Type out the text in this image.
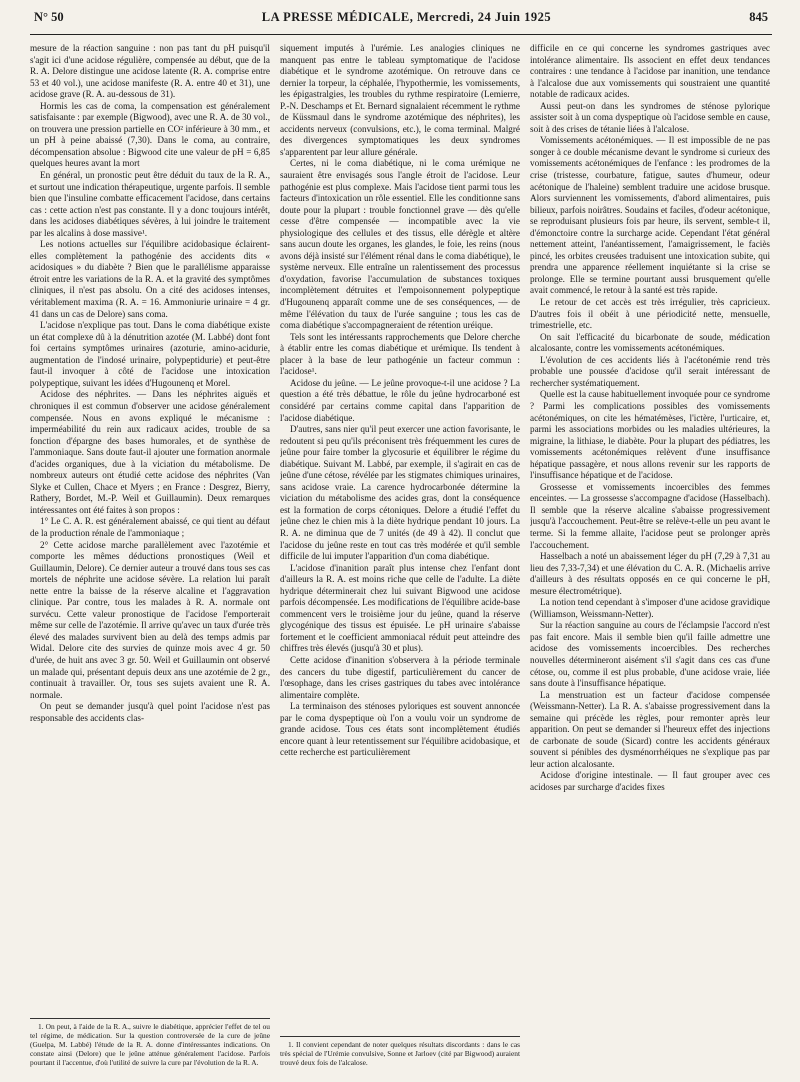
N° 50	LA PRESSE MÉDICALE, Mercredi, 24 Juin 1925	845

mesure de la réaction sanguine : non pas tant du pH puisqu'il s'agit ici d'une acidose régulière, compensée au début, que de la R. A. Delore distingue une acidose latente (R. A. comprise entre 53 et 40 vol.), une acidose manifeste (R. A. entre 40 et 31), une acidose grave (R. A. au-dessous de 31).

Hormis les cas de coma, la compensation est généralement satisfaisante : par exemple (Bigwood), avec une R. A. de 30 vol., on trouvera une pression partielle en CO² inférieure à 30 mm., et un pH à peine abaissé (7,30). Dans le coma, au contraire, décompensation absolue : Bigwood cite une valeur de pH = 6,85 quelques heures avant la mort

En général, un pronostic peut être déduit du taux de la R. A., et surtout une indication thérapeutique, urgente parfois. Il semble bien que l'insuline combatte efficacement l'acidose, dans certains cas : cette action n'est pas constante. Il y a donc toujours intérêt, dans les acidoses diabétiques sévères, à lui joindre le traitement par les alcalins à dose massive¹.

Les notions actuelles sur l'équilibre acidobasique éclairent-elles complètement la pathogénie des accidents dits « acidosiques » du diabète ? Bien que le parallélisme apparaisse étroit entre les variations de la R. A. et la gravité des symptômes cliniques, il n'est pas absolu. On a cité des acidoses intenses, véritablement maxima (R. A. = 16. Ammoniurie urinaire = 4 gr. 41 dans un cas de Delore) sans coma.

L'acidose n'explique pas tout. Dans le coma diabétique existe un état complexe dû à la dénutrition azotée (M. Labbé) dont font foi certains symptômes urinaires (azoturie, amino-acidurie, augmentation de l'indosé urinaire, polypeptidurie) et peut-être faut-il invoquer à côté de l'acidose une intoxication polypeptique, suivant les idées d'Hugounenq et Morel.

Acidose des néphrites. — Dans les néphrites aiguës et chroniques il est commun d'observer une acidose généralement compensée. Nous en avons expliqué le mécanisme : imperméabilité du rein aux radicaux acides, trouble de sa fonction d'épargne des bases humorales, et de synthèse de l'ammoniaque. Sans doute faut-il ajouter une formation anormale d'acides organiques, due à la viciation du métabolisme. De nombreux auteurs ont étudié cette acidose des néphrites (Van Slyke et Cullen, Chace et Myers ; en France : Desgrez, Bierry, Rathery, Bordet, M.-P. Weil et Guillaumin). Deux remarques intéressantes ont été faites à son propos :

1° Le C. A. R. est généralement abaissé, ce qui tient au défaut de la production rénale de l'ammoniaque ;

2° Cette acidose marche parallèlement avec l'azotémie et comporte les mêmes déductions pronostiques (Weil et Guillaumin, Delore). Ce dernier auteur a trouvé dans tous ses cas mortels de néphrite une acidose sévère. La relation lui paraît nette entre la baisse de la réserve alcaline et l'aggravation clinique. Par contre, tous les malades à R. A. normale ont survécu. Cette valeur pronostique de l'acidose l'emporterait même sur celle de l'azotémie. Il arrive qu'avec un taux d'urée très élevé des malades survivent bien au delà des temps admis par Widal. Delore cite des survies de quinze mois avec 4 gr. 50 d'urée, de huit ans avec 3 gr. 50. Weil et Guillaumin ont observé un malade qui, présentant depuis deux ans une azotémie de 2 gr., continuait à travailler. Or, tous ses sujets avaient une R. A. normale.

On peut se demander jusqu'à quel point l'acidose n'est pas responsable des accidents clas-

1. On peut, à l'aide de la R. A., suivre le diabétique, apprécier l'effet de tel ou tel régime, de médication. Sur la question controversée de la cure de jeûne (Guelpa, M. Labbé) l'étude de la R. A. donne d'intéressantes indications. On constate ainsi (Delore) que le jeûne atténue généralement l'acidose. Parfois pourtant il l'accentue, d'où l'utilité de suivre la cure par l'évolution de la R. A.

siquement imputés à l'urémie. Les analogies cliniques ne manquent pas entre le tableau symptomatique de l'acidose diabétique et le syndrome azotémique. On retrouve dans ce dernier la torpeur, la céphalée, l'hypothermie, les vomissements, les épigastralgies, les troubles du rythme respiratoire (Lemierre, P.-N. Deschamps et Et. Bernard signalaient récemment le rythme de Küssmaul dans le syndrome azotémique des néphrites), les accidents nerveux (convulsions, etc.), le coma terminal. Malgré des divergences symptomatiques les deux syndromes s'apparentent par leur allure générale.

Certes, ni le coma diabétique, ni le coma urémique ne sauraient être envisagés sous l'angle étroit de l'acidose. Leur pathogénie est plus complexe. Mais l'acidose tient parmi tous les facteurs d'intoxication un rôle essentiel. Elle les conditionne sans doute pour la plupart : trouble fonctionnel grave — dès qu'elle cesse d'être compensée — incompatible avec la vie physiologique des cellules et des tissus, elle dérègle et altère sans aucun doute les organes, les glandes, le foie, les reins (nous avons déjà insisté sur l'élément rénal dans le coma diabétique), le système nerveux. Elle entraîne un ralentissement des processus d'oxydation, favorise l'accumulation de substances toxiques incomplètement détruites et l'empoisonnement polypeptique d'Hugounenq apparaît comme une de ses conséquences, — de même l'élévation du taux de l'urée sanguine ; tous les cas de coma diabétique s'accompagneraient de rétention uréique.

Tels sont les intéressants rapprochements que Delore cherche à établir entre les comas diabétique et urémique. Ils tendent à placer à la base de leur pathogénie un facteur commun : l'acidose¹.

Acidose du jeûne. — Le jeûne provoque-t-il une acidose ? La question a été très débattue, le rôle du jeûne hydrocarboné est considéré par certains comme capital dans l'apparition de l'acidose diabétique.

D'autres, sans nier qu'il peut exercer une action favorisante, le redoutent si peu qu'ils préconisent très fréquemment les cures de jeûne pour faire tomber la glycosurie et équilibrer le régime du diabétique. Suivant M. Labbé, par exemple, il s'agirait en cas de jeûne d'une cétose, révélée par les stigmates chimiques urinaires, sans acidose vraie. La carence hydrocarbonée détermine la viciation du métabolisme des acides gras, dont la conséquence est la formation de corps cétoniques. Delore a étudié l'effet du jeûne chez le chien mis à la diète hydrique pendant 10 jours. La R. A. ne diminua que de 7 unités (de 49 à 42). Il conclut que l'acidose du jeûne reste en tout cas très modérée et qu'il semble difficile de lui imputer l'apparition d'un coma diabétique.

L'acidose d'inanition paraît plus intense chez l'enfant dont d'ailleurs la R. A. est moins riche que celle de l'adulte. La diète hydrique déterminerait chez lui suivant Bigwood une acidose parfois décompensée. Les modifications de l'équilibre acide-base commencent vers le troisième jour du jeûne, quand la réserve glycogénique des tissus est épuisée. Le pH urinaire s'abaisse fortement et le coefficient ammoniacal réduit peut atteindre des chiffres très élevés (jusqu'à 30 et plus).

Cette acidose d'inanition s'observera à la période terminale des cancers du tube digestif, particulièrement du cancer de l'œsophage, dans les crises gastriques du tabes avec intolérance alimentaire complète.

La terminaison des sténoses pyloriques est souvent annoncée par le coma dyspeptique où l'on a voulu voir un syndrome de grande acidose. Tous ces états sont incomplètement étudiés encore quant à leur retentissement sur l'équilibre acidobasique, et cette recherche est particulièrement

1. Il convient cependant de noter quelques résultats discordants : dans le cas très spécial de l'Urémie convulsive, Sonne et Jarloev (cité par Bigwood) auraient trouvé deux fois de l'alcalose.

difficile en ce qui concerne les syndromes gastriques avec intolérance alimentaire. Ils associent en effet deux tendances contraires : une tendance à l'acidose par inanition, une tendance à l'alcalose due aux vomissements qui soustraient une quantité notable de radicaux acides.

Aussi peut-on dans les syndromes de sténose pylorique assister soit à un coma dyspeptique où l'acidose semble en cause, soit à des crises de tétanie liées à l'alcalose.

Vomissements acétonémiques. — Il est impossible de ne pas songer à ce double mécanisme devant le syndrome si curieux des vomissements acétonémiques de l'enfance : les prodromes de la crise (tristesse, courbature, fatigue, sautes d'humeur, odeur acétonique de l'haleine) semblent traduire une acidose brusque. Alors surviennent les vomissements, d'abord alimentaires, puis bilieux, parfois noirâtres. Soudains et faciles, d'odeur acétonique, se reproduisant plusieurs fois par heure, ils servent, semble-t il, d'émonctoire contre la surcharge acide. Cependant l'état général nettement atteint, l'anéantissement, l'amaigrissement, le faciès pincé, les orbites creusées traduisent une intoxication subite, qui prendra une apparence réellement inquiétante si la crise se prolonge. Elle se termine pourtant aussi brusquement qu'elle avait commencé, le retour à la santé est très rapide.

Le retour de cet accès est très irrégulier, très capricieux. D'autres fois il obéit à une périodicité nette, mensuelle, trimestrielle, etc.

On sait l'efficacité du bicarbonate de soude, médication alcalosante, contre les vomissements acétonémiques.

L'évolution de ces accidents liés à l'acétonémie rend très probable une poussée d'acidose qu'il serait intéressant de rechercher systématiquement.

Quelle est la cause habituellement invoquée pour ce syndrome ? Parmi les complications possibles des vomissements acétonémiques, on cite les hématémèses, l'ictère, l'urticaire, et, parmi les associations morbides ou les maladies ultérieures, la migraine, la lithiase, le diabète. Pour la plupart des pédiatres, les vomissements acétonémiques relèvent d'une insuffisance hépatique passagère, et nous allons revenir sur les rapports de l'insuffisance hépatique et de l'acidose.

Grossesse et vomissements incoercibles des femmes enceintes. — La grossesse s'accompagne d'acidose (Hasselbach). Il semble que la réserve alcaline s'abaisse progressivement jusqu'à l'accouchement. Peut-être se relève-t-elle un peu avant le terme. Si la femme allaite, l'acidose peut se prolonger après l'accouchement.

Hasselbach a noté un abaissement léger du pH (7,29 à 7,31 au lieu des 7,33-7,34) et une élévation du C. A. R. (Michaelis arrive d'ailleurs à des résultats opposés en ce qui concerne le pH, mesure électrométrique).

La notion tend cependant à s'imposer d'une acidose gravidique (Williamson, Weissmann-Netter).

Sur la réaction sanguine au cours de l'éclampsie l'accord n'est pas fait encore. Mais il semble bien qu'il faille admettre une acidose des vomissements incoercibles. Des recherches nouvelles détermineront aisément s'il s'agit dans ces cas d'une cétose, ou, comme il est plus probable, d'une acidose vraie, liée sans doute à l'insuffisance hépatique.

La menstruation est un facteur d'acidose compensée (Weissmann-Netter). La R. A. s'abaisse progressivement dans la semaine qui précède les règles, pour remonter après leur apparition. On peut se demander si l'heureux effet des injections de carbonate de soude (Sicard) contre les accidents généraux souvent si pénibles des dysménorrhéiques ne s'explique pas par leur action alcalosante.

Acidose d'origine intestinale. — Il faut grouper avec ces acidoses par surcharge d'acides fixes
